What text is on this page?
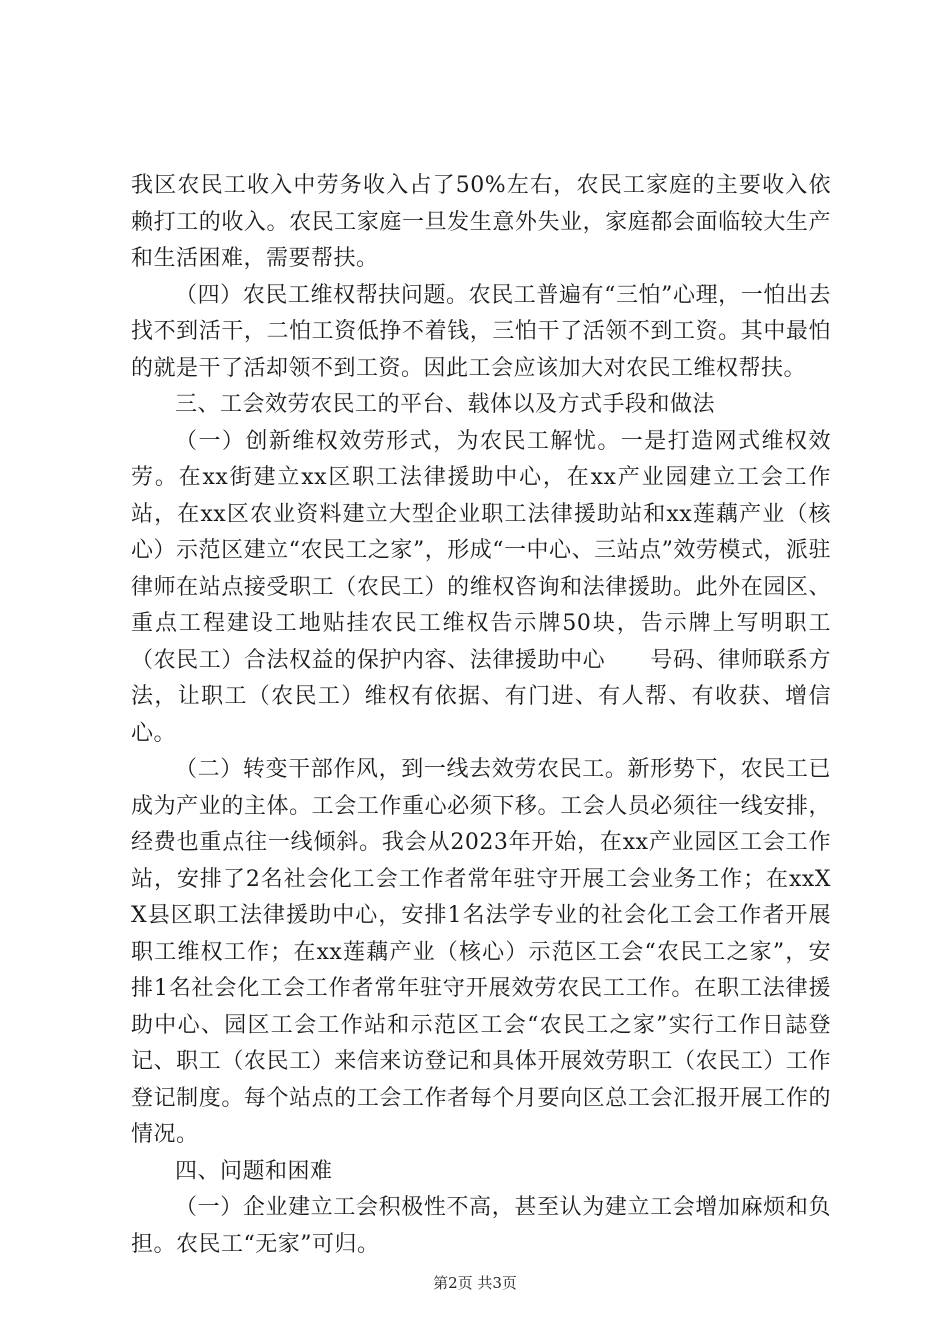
我区农民工收入中劳务收入占了50%左右，农民工家庭的主要收入依赖打工的收入。农民工家庭一旦发生意外失业，家庭都会面临较大生产和生活困难，需要帮扶。

（四）农民工维权帮扶问题。农民工普遍有“三怕”心理，一怕出去找不到活干，二怕工资低挣不着钱，三怕干了活领不到工资。其中最怕的就是干了活却领不到工资。因此工会应该加大对农民工维权帮扶。

三、工会效劳农民工的平台、载体以及方式手段和做法

（一）创新维权效劳形式，为农民工解忧。一是打造网式维权效劳。在xx街建立xx区职工法律援助中心，在xx产业园建立工会工作站，在xx区农业资料建立大型企业职工法律援助站和xx莲藕产业（核心）示范区建立“农民工之家”，形成“一中心、三站点”效劳模式，派驻律师在站点接受职工（农民工）的维权咨询和法律援助。此外在园区、重点工程建设工地贴挂农民工维权告示牌50块，告示牌上写明职工（农民工）合法权益的保护内容、法律援助中心　　号码、律师联系方法，让职工（农民工）维权有依据、有门进、有人帮、有收获、增信心。

（二）转变干部作风，到一线去效劳农民工。新形势下，农民工已成为产业的主体。工会工作重心必须下移。工会人员必须往一线安排，经费也重点往一线倾斜。我会从2023年开始，在xx产业园区工会工作站，安排了2名社会化工会工作者常年驻守开展工会业务工作；在xxXX县区职工法律援助中心，安排1名法学专业的社会化工会工作者开展职工维权工作；在xx莲藕产业（核心）示范区工会“农民工之家”，安排1名社会化工会工作者常年驻守开展效劳农民工工作。在职工法律援助中心、园区工会工作站和示范区工会“农民工之家”实行工作日誌登记、职工（农民工）来信来访登记和具体开展效劳职工（农民工）工作登记制度。每个站点的工会工作者每个月要向区总工会汇报开展工作的情况。

四、问题和困难

（一）企业建立工会积极性不高，甚至认为建立工会增加麻烦和负担。农民工“无家”可归。

第2页 共3页
